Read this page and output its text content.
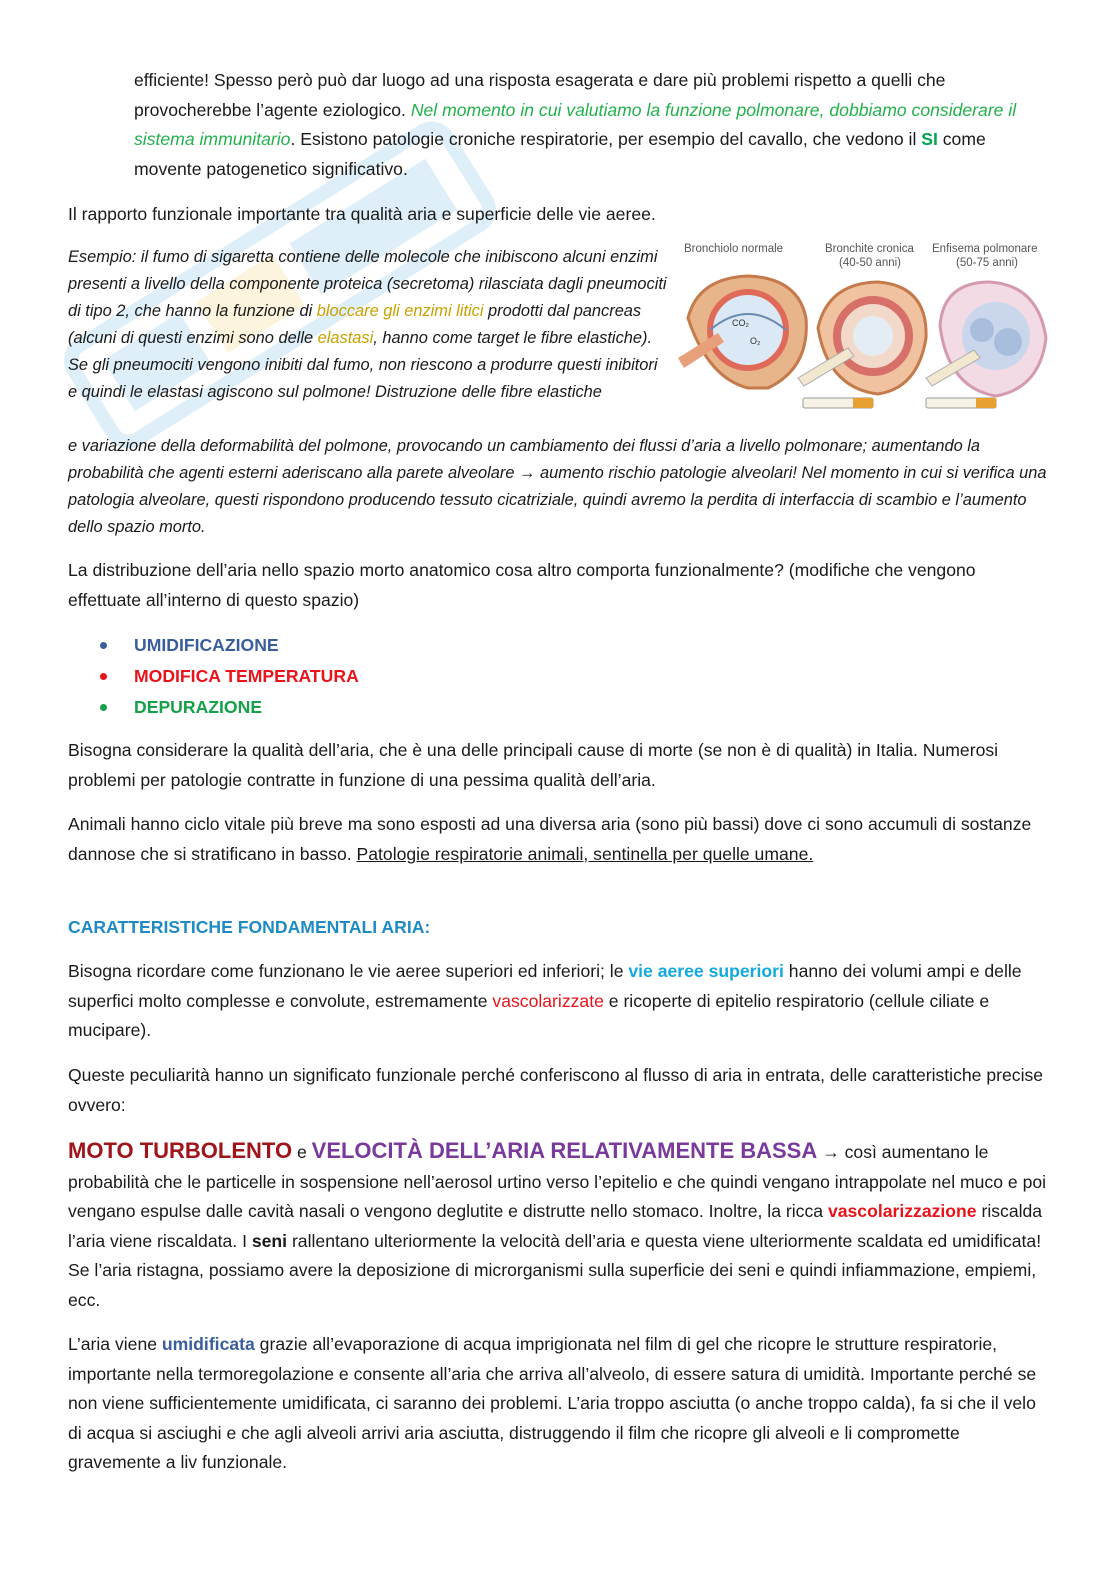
efficiente! Spesso però può dar luogo ad una risposta esagerata e dare più problemi rispetto a quelli che provocherebbe l’agente eziologico. Nel momento in cui valutiamo la funzione polmonare, dobbiamo considerare il sistema immunitario. Esistono patologie croniche respiratorie, per esempio del cavallo, che vedono il SI come movente patogenetico significativo.

Il rapporto funzionale importante tra qualità aria e superficie delle vie aeree.

Esempio: il fumo di sigaretta contiene delle molecole che inibiscono alcuni enzimi presenti a livello della componente proteica (secretoma) rilasciata dagli pneumociti di tipo 2, che hanno la funzione di bloccare gli enzimi litici prodotti dal pancreas (alcuni di questi enzimi sono delle elastasi, hanno come target le fibre elastiche). Se gli pneumociti vengono inibiti dal fumo, non riescono a produrre questi inibitori e quindi le elastasi agiscono sul polmone! Distruzione delle fibre elastiche

e variazione della deformabilità del polmone, provocando un cambiamento dei flussi d’aria a livello polmonare; aumentando la probabilità che agenti esterni aderiscano alla parete alveolare → aumento rischio patologie alveolari! Nel momento in cui si verifica una patologia alveolare, questi rispondono producendo tessuto cicatriziale, quindi avremo la perdita di interfaccia di scambio e l’aumento dello spazio morto.

Bronchiolo normale	Bronchite cronica
(40-50 anni)
Enfisema polmonare
(50-75 anni)
CO₂
O₂

La distribuzione dell’aria nello spazio morto anatomico cosa altro comporta funzionalmente? (modifiche che vengono effettuate all’interno di questo spazio)

UMIDIFICAZIONE
MODIFICA TEMPERATURA
DEPURAZIONE

Bisogna considerare la qualità dell’aria, che è una delle principali cause di morte (se non è di qualità) in Italia. Numerosi problemi per patologie contratte in funzione di una pessima qualità dell’aria.

Animali hanno ciclo vitale più breve ma sono esposti ad una diversa aria (sono più bassi) dove ci sono accumuli di sostanze dannose che si stratificano in basso. Patologie respiratorie animali, sentinella per quelle umane.

CARATTERISTICHE FONDAMENTALI ARIA:

Bisogna ricordare come funzionano le vie aeree superiori ed inferiori; le vie aeree superiori hanno dei volumi ampi e delle superfici molto complesse e convolute, estremamente vascolarizzate e ricoperte di epitelio respiratorio (cellule ciliate e mucipare).

Queste peculiarità hanno un significato funzionale perché conferiscono al flusso di aria in entrata, delle caratteristiche precise ovvero:

MOTO TURBOLENTO e VELOCITÀ DELL’ARIA RELATIVAMENTE BASSA → così aumentano le probabilità che le particelle in sospensione nell’aerosol urtino verso l’epitelio e che quindi vengano intrappolate nel muco e poi vengano espulse dalle cavità nasali o vengono deglutite e distrutte nello stomaco. Inoltre, la ricca vascolarizzazione riscalda l’aria viene riscaldata. I seni rallentano ulteriormente la velocità dell’aria e questa viene ulteriormente scaldata ed umidificata! Se l’aria ristagna, possiamo avere la deposizione di microrganismi sulla superficie dei seni e quindi infiammazione, empiemi, ecc.

L’aria viene umidificata grazie all’evaporazione di acqua imprigionata nel film di gel che ricopre le strutture respiratorie, importante nella termoregolazione e consente all’aria che arriva all’alveolo, di essere satura di umidità. Importante perché se non viene sufficientemente umidificata, ci saranno dei problemi. L’aria troppo asciutta (o anche troppo calda), fa si che il velo di acqua si asciughi e che agli alveoli arrivi aria asciutta, distruggendo il film che ricopre gli alveoli e li compromette gravemente a liv funzionale.
